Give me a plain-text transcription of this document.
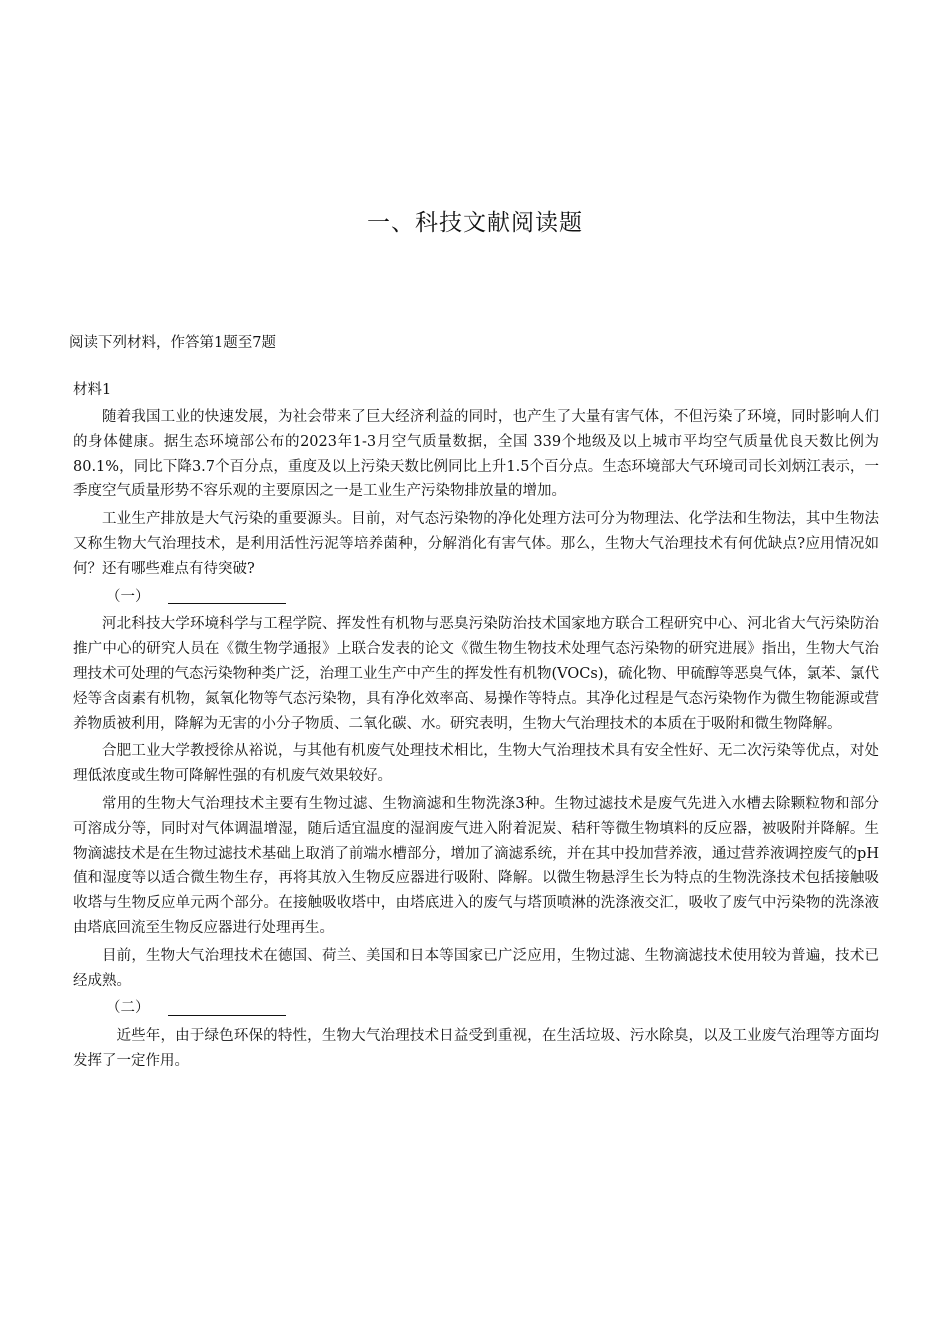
一、科技文献阅读题
阅读下列材料，作答第1题至7题
材料1

随着我国工业的快速发展，为社会带来了巨大经济利益的同时，也产生了大量有害气体，不但污染了环境，同时影响人们的身体健康。据生态环境部公布的2023年1-3月空气质量数据，全国 339个地级及以上城市平均空气质量优良天数比例为80.1%，同比下降3.7个百分点，重度及以上污染天数比例同比上升1.5个百分点。生态环境部大气环境司司长刘炳江表示，一季度空气质量形势不容乐观的主要原因之一是工业生产污染物排放量的增加。

工业生产排放是大气污染的重要源头。目前，对气态污染物的净化处理方法可分为物理法、化学法和生物法，其中生物法又称生物大气治理技术，是利用活性污泥等培养菌种，分解消化有害气体。那么，生物大气治理技术有何优缺点?应用情况如何？还有哪些难点有待突破?

（一）

河北科技大学环境科学与工程学院、挥发性有机物与恶臭污染防治技术国家地方联合工程研究中心、河北省大气污染防治推广中心的研究人员在《微生物学通报》上联合发表的论文《微生物生物技术处理气态污染物的研究进展》指出，生物大气治理技术可处理的气态污染物种类广泛，治理工业生产中产生的挥发性有机物(VOCs)，硫化物、甲硫醇等恶臭气体，氯苯、氯代烃等含卤素有机物，氮氧化物等气态污染物，具有净化效率高、易操作等特点。其净化过程是气态污染物作为微生物能源或营养物质被利用，降解为无害的小分子物质、二氧化碳、水。研究表明，生物大气治理技术的本质在于吸附和微生物降解。

合肥工业大学教授徐从裕说，与其他有机废气处理技术相比，生物大气治理技术具有安全性好、无二次污染等优点，对处理低浓度或生物可降解性强的有机废气效果较好。

常用的生物大气治理技术主要有生物过滤、生物滴滤和生物洗涤3种。生物过滤技术是废气先进入水槽去除颗粒物和部分可溶成分等，同时对气体调温增湿，随后适宜温度的湿润废气进入附着泥炭、秸秆等微生物填料的反应器，被吸附并降解。生物滴滤技术是在生物过滤技术基础上取消了前端水槽部分，增加了滴滤系统，并在其中投加营养液，通过营养液调控废气的pH值和湿度等以适合微生物生存，再将其放入生物反应器进行吸附、降解。以微生物悬浮生长为特点的生物洗涤技术包括接触吸收塔与生物反应单元两个部分。在接触吸收塔中，由塔底进入的废气与塔顶喷淋的洗涤液交汇，吸收了废气中污染物的洗涤液由塔底回流至生物反应器进行处理再生。

目前，生物大气治理技术在德国、荷兰、美国和日本等国家已广泛应用，生物过滤、生物滴滤技术使用较为普遍，技术已经成熟。

（二）

近些年，由于绿色环保的特性，生物大气治理技术日益受到重视，在生活垃圾、污水除臭，以及工业废气治理等方面均发挥了一定作用。
